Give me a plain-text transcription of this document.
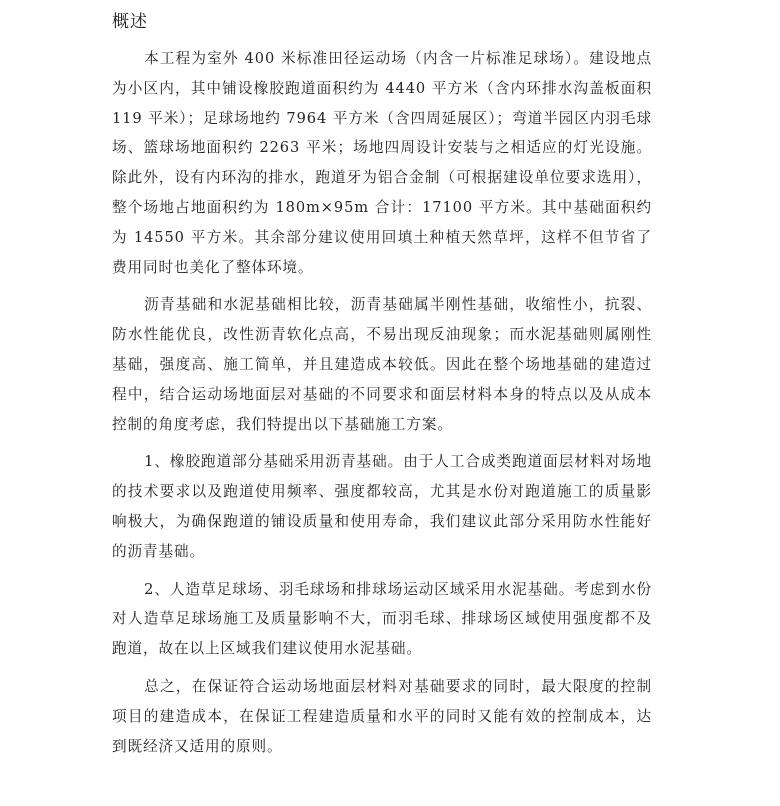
概述

本工程为室外 400 米标准田径运动场（内含一片标准足球场）。建设地点为小区内，其中铺设橡胶跑道面积约为 4440 平方米（含内环排水沟盖板面积 119 平米）；足球场地约 7964 平方米（含四周延展区）；弯道半园区内羽毛球场、篮球场地面积约 2263 平米；场地四周设计安装与之相适应的灯光设施。除此外，设有内环沟的排水，跑道牙为铝合金制（可根据建设单位要求选用），整个场地占地面积约为 180m×95m 合计：17100 平方米。其中基础面积约为 14550 平方米。其余部分建议使用回填土种植天然草坪，这样不但节省了费用同时也美化了整体环境。

沥青基础和水泥基础相比较，沥青基础属半刚性基础，收缩性小，抗裂、防水性能优良，改性沥青软化点高，不易出现反油现象；而水泥基础则属刚性基础，强度高、施工简单，并且建造成本较低。因此在整个场地基础的建造过程中，结合运动场地面层对基础的不同要求和面层材料本身的特点以及从成本控制的角度考虑，我们特提出以下基础施工方案。

1、橡胶跑道部分基础采用沥青基础。由于人工合成类跑道面层材料对场地的技术要求以及跑道使用频率、强度都较高，尤其是水份对跑道施工的质量影响极大，为确保跑道的铺设质量和使用寿命，我们建议此部分采用防水性能好的沥青基础。

2、人造草足球场、羽毛球场和排球场运动区域采用水泥基础。考虑到水份对人造草足球场施工及质量影响不大，而羽毛球、排球场区域使用强度都不及跑道，故在以上区域我们建议使用水泥基础。

总之，在保证符合运动场地面层材料对基础要求的同时，最大限度的控制项目的建造成本，在保证工程建造质量和水平的同时又能有效的控制成本，达到既经济又适用的原则。
